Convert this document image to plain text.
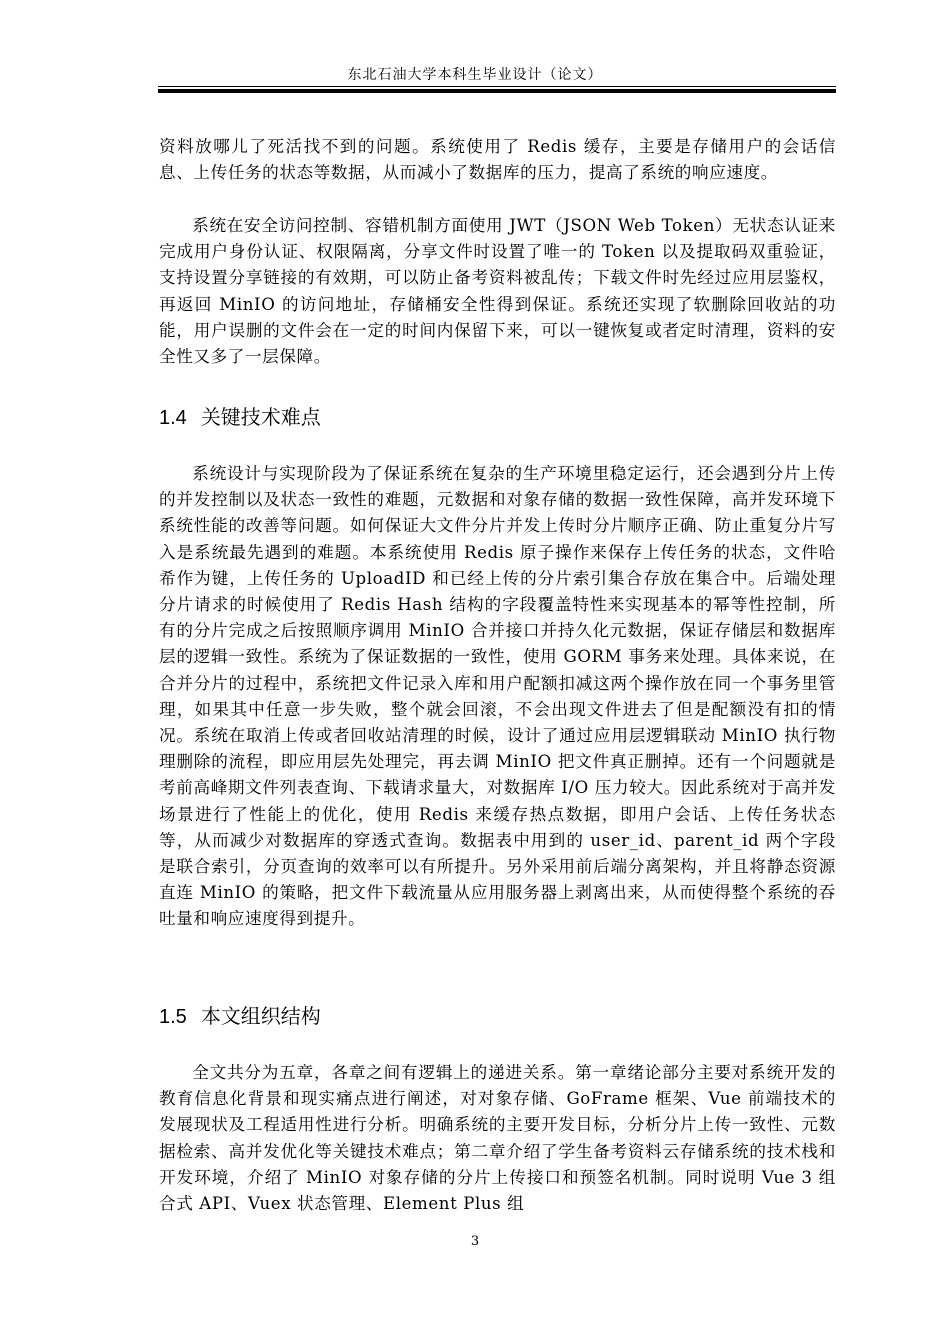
东北石油大学本科生毕业设计（论文）

资料放哪儿了死活找不到的问题。系统使用了 Redis 缓存，主要是存储用户的会话信息、上传任务的状态等数据，从而减小了数据库的压力，提高了系统的响应速度。

系统在安全访问控制、容错机制方面使用 JWT（JSON Web Token）无状态认证来完成用户身份认证、权限隔离，分享文件时设置了唯一的 Token 以及提取码双重验证，支持设置分享链接的有效期，可以防止备考资料被乱传；下载文件时先经过应用层鉴权，再返回 MinIO 的访问地址，存储桶安全性得到保证。系统还实现了软删除回收站的功能，用户误删的文件会在一定的时间内保留下来，可以一键恢复或者定时清理，资料的安全性又多了一层保障。

1.4 关键技术难点

系统设计与实现阶段为了保证系统在复杂的生产环境里稳定运行，还会遇到分片上传的并发控制以及状态一致性的难题，元数据和对象存储的数据一致性保障，高并发环境下系统性能的改善等问题。如何保证大文件分片并发上传时分片顺序正确、防止重复分片写入是系统最先遇到的难题。本系统使用 Redis 原子操作来保存上传任务的状态，文件哈希作为键，上传任务的 UploadID 和已经上传的分片索引集合存放在集合中。后端处理分片请求的时候使用了 Redis Hash 结构的字段覆盖特性来实现基本的幂等性控制，所有的分片完成之后按照顺序调用 MinIO 合并接口并持久化元数据，保证存储层和数据库层的逻辑一致性。系统为了保证数据的一致性，使用 GORM 事务来处理。具体来说，在合并分片的过程中，系统把文件记录入库和用户配额扣减这两个操作放在同一个事务里管理，如果其中任意一步失败，整个就会回滚，不会出现文件进去了但是配额没有扣的情况。系统在取消上传或者回收站清理的时候，设计了通过应用层逻辑联动 MinIO 执行物理删除的流程，即应用层先处理完，再去调 MinIO 把文件真正删掉。还有一个问题就是考前高峰期文件列表查询、下载请求量大，对数据库 I/O 压力较大。因此系统对于高并发场景进行了性能上的优化，使用 Redis 来缓存热点数据，即用户会话、上传任务状态等，从而减少对数据库的穿透式查询。数据表中用到的 user_id、parent_id 两个字段是联合索引，分页查询的效率可以有所提升。另外采用前后端分离架构，并且将静态资源直连 MinIO 的策略，把文件下载流量从应用服务器上剥离出来，从而使得整个系统的吞吐量和响应速度得到提升。

1.5 本文组织结构

全文共分为五章，各章之间有逻辑上的递进关系。第一章绪论部分主要对系统开发的教育信息化背景和现实痛点进行阐述，对对象存储、GoFrame 框架、Vue 前端技术的发展现状及工程适用性进行分析。明确系统的主要开发目标，分析分片上传一致性、元数据检索、高并发优化等关键技术难点；第二章介绍了学生备考资料云存储系统的技术栈和开发环境，介绍了 MinIO 对象存储的分片上传接口和预签名机制。同时说明 Vue 3 组合式 API、Vuex 状态管理、Element Plus 组

3
